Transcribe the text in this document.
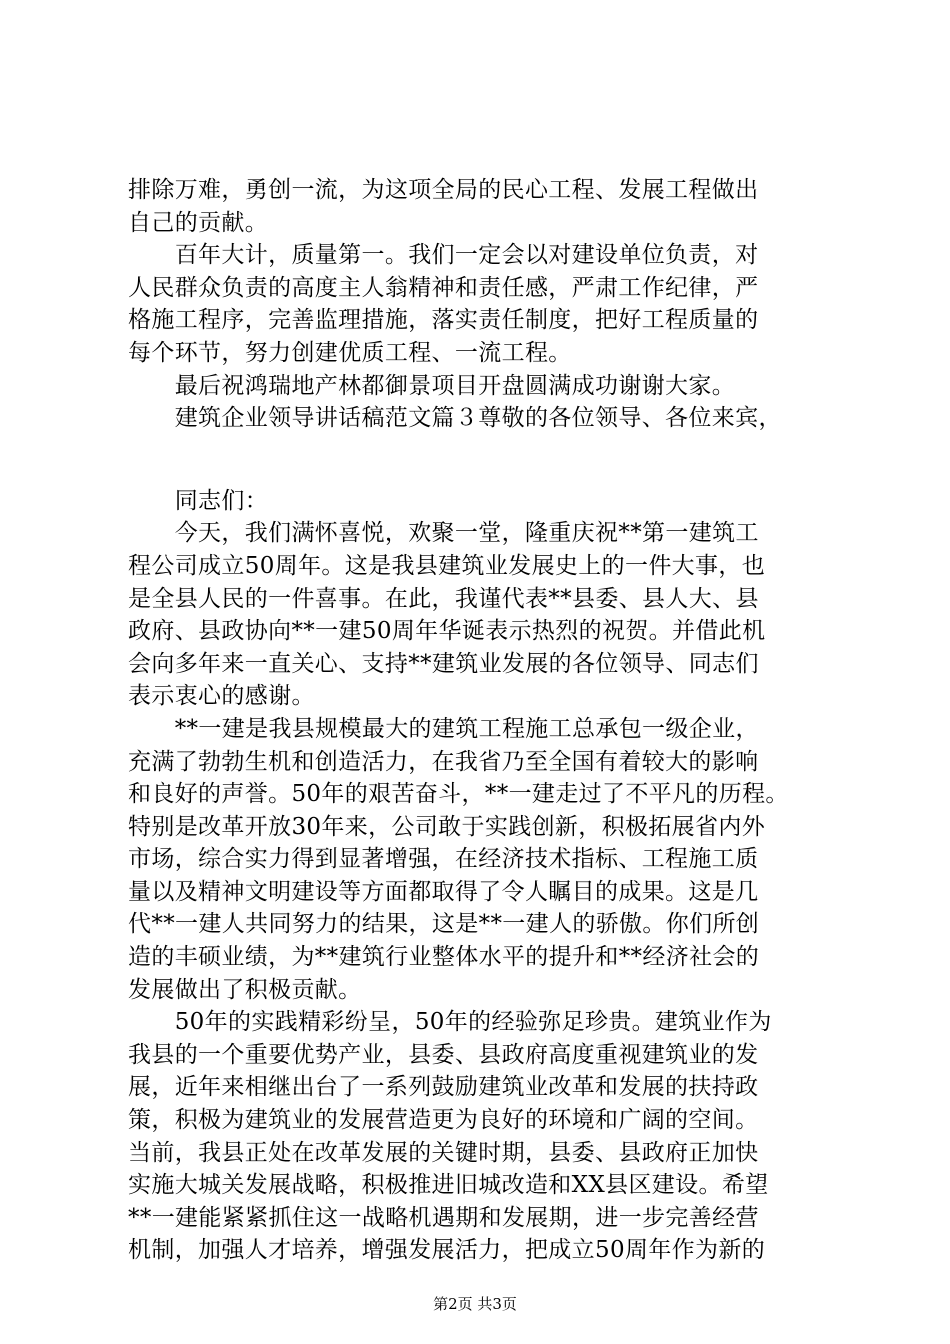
排除万难，勇创一流，为这项全局的民心工程、发展工程做出
自己的贡献。
　　百年大计，质量第一。我们一定会以对建设单位负责，对
人民群众负责的高度主人翁精神和责任感，严肃工作纪律，严
格施工程序，完善监理措施，落实责任制度，把好工程质量的
每个环节，努力创建优质工程、一流工程。
　　最后祝鸿瑞地产林都御景项目开盘圆满成功谢谢大家。
　　建筑企业领导讲话稿范文篇３尊敬的各位领导、各位来宾，
　　同志们：
　　今天，我们满怀喜悦，欢聚一堂，隆重庆祝**第一建筑工
程公司成立50周年。这是我县建筑业发展史上的一件大事，也
是全县人民的一件喜事。在此，我谨代表**县委、县人大、县
政府、县政协向**一建50周年华诞表示热烈的祝贺。并借此机
会向多年来一直关心、支持**建筑业发展的各位领导、同志们
表示衷心的感谢。
　　**一建是我县规模最大的建筑工程施工总承包一级企业，
充满了勃勃生机和创造活力，在我省乃至全国有着较大的影响
和良好的声誉。50年的艰苦奋斗，**一建走过了不平凡的历程。
特别是改革开放30年来，公司敢于实践创新，积极拓展省内外
市场，综合实力得到显著增强，在经济技术指标、工程施工质
量以及精神文明建设等方面都取得了令人瞩目的成果。这是几
代**一建人共同努力的结果，这是**一建人的骄傲。你们所创
造的丰硕业绩，为**建筑行业整体水平的提升和**经济社会的
发展做出了积极贡献。
　　50年的实践精彩纷呈，50年的经验弥足珍贵。建筑业作为
我县的一个重要优势产业，县委、县政府高度重视建筑业的发
展，近年来相继出台了一系列鼓励建筑业改革和发展的扶持政
策，积极为建筑业的发展营造更为良好的环境和广阔的空间。
当前，我县正处在改革发展的关键时期，县委、县政府正加快
实施大城关发展战略，积极推进旧城改造和XX县区建设。希望
**一建能紧紧抓住这一战略机遇期和发展期，进一步完善经营
机制，加强人才培养，增强发展活力，把成立50周年作为新的
第2页 共3页
